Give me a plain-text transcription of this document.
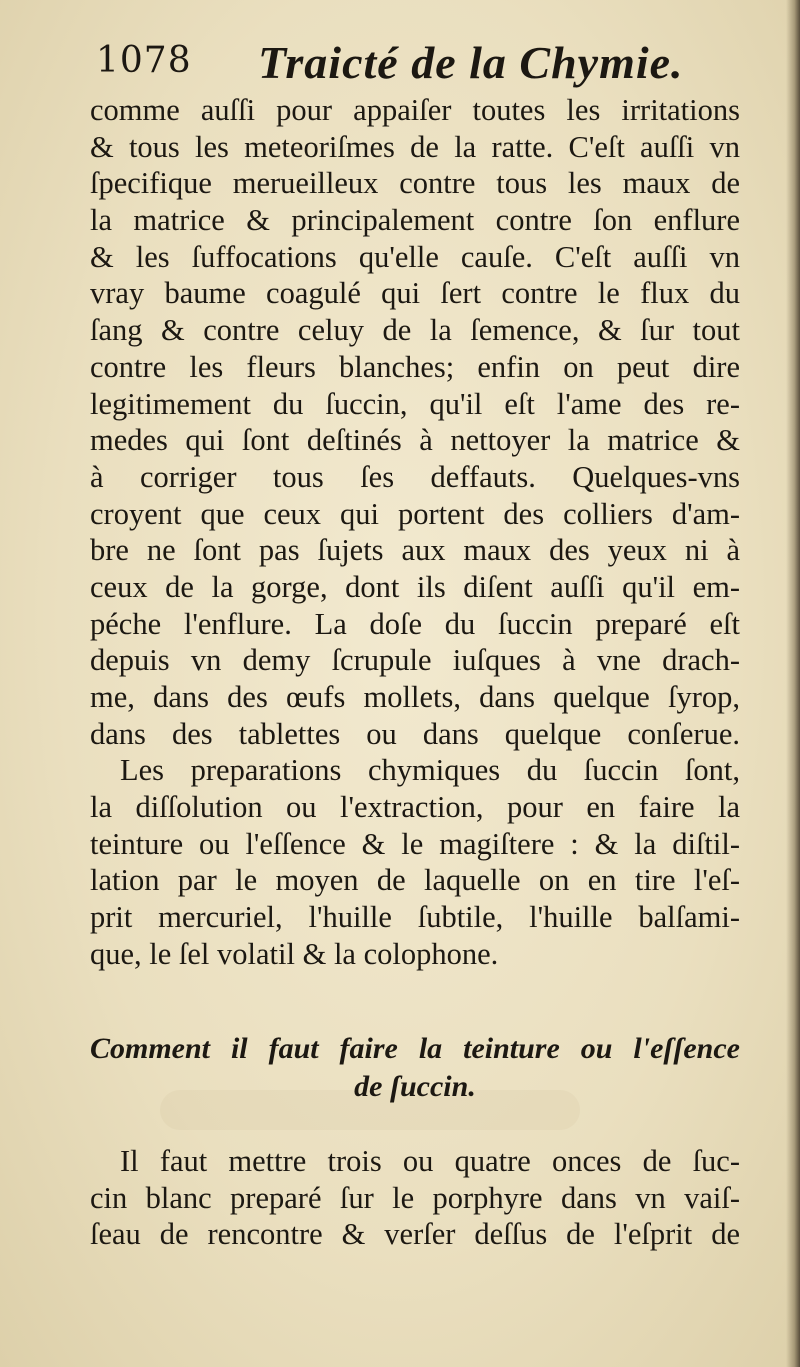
1078 Traicté de la Chymie.
comme auſſi pour appaiſer toutes les irritations
& tous les meteoriſmes de la ratte. C'eſt auſſi vn
ſpecifique merueilleux contre tous les maux de
la matrice & principalement contre ſon enflure
& les ſuffocations qu'elle cauſe. C'eſt auſſi vn
vray baume coagulé qui ſert contre le flux du
ſang & contre celuy de la ſemence, & ſur tout
contre les fleurs blanches; enfin on peut dire
legitimement du ſuccin, qu'il eſt l'ame des re-
medes qui ſont deſtinés à nettoyer la matrice &
à corriger tous ſes deffauts. Quelques-vns
croyent que ceux qui portent des colliers d'am-
bre ne ſont pas ſujets aux maux des yeux ni à
ceux de la gorge, dont ils diſent auſſi qu'il em-
péche l'enflure. La doſe du ſuccin preparé eſt
depuis vn demy ſcrupule iuſques à vne drach-
me, dans des œufs mollets, dans quelque ſyrop,
dans des tablettes ou dans quelque conſerue.
Les preparations chymiques du ſuccin ſont,
la diſſolution ou l'extraction, pour en faire la
teinture ou l'eſſence & le magiſtere : & la diſtil-
lation par le moyen de laquelle on en tire l'eſ-
prit mercuriel, l'huille ſubtile, l'huille balſami-
que, le ſel volatil & la colophone.
Comment il faut faire la teinture ou l'eſſence
de ſuccin.
Il faut mettre trois ou quatre onces de ſuc-
cin blanc preparé ſur le porphyre dans vn vaiſ-
ſeau de rencontre & verſer deſſus de l'eſprit de
